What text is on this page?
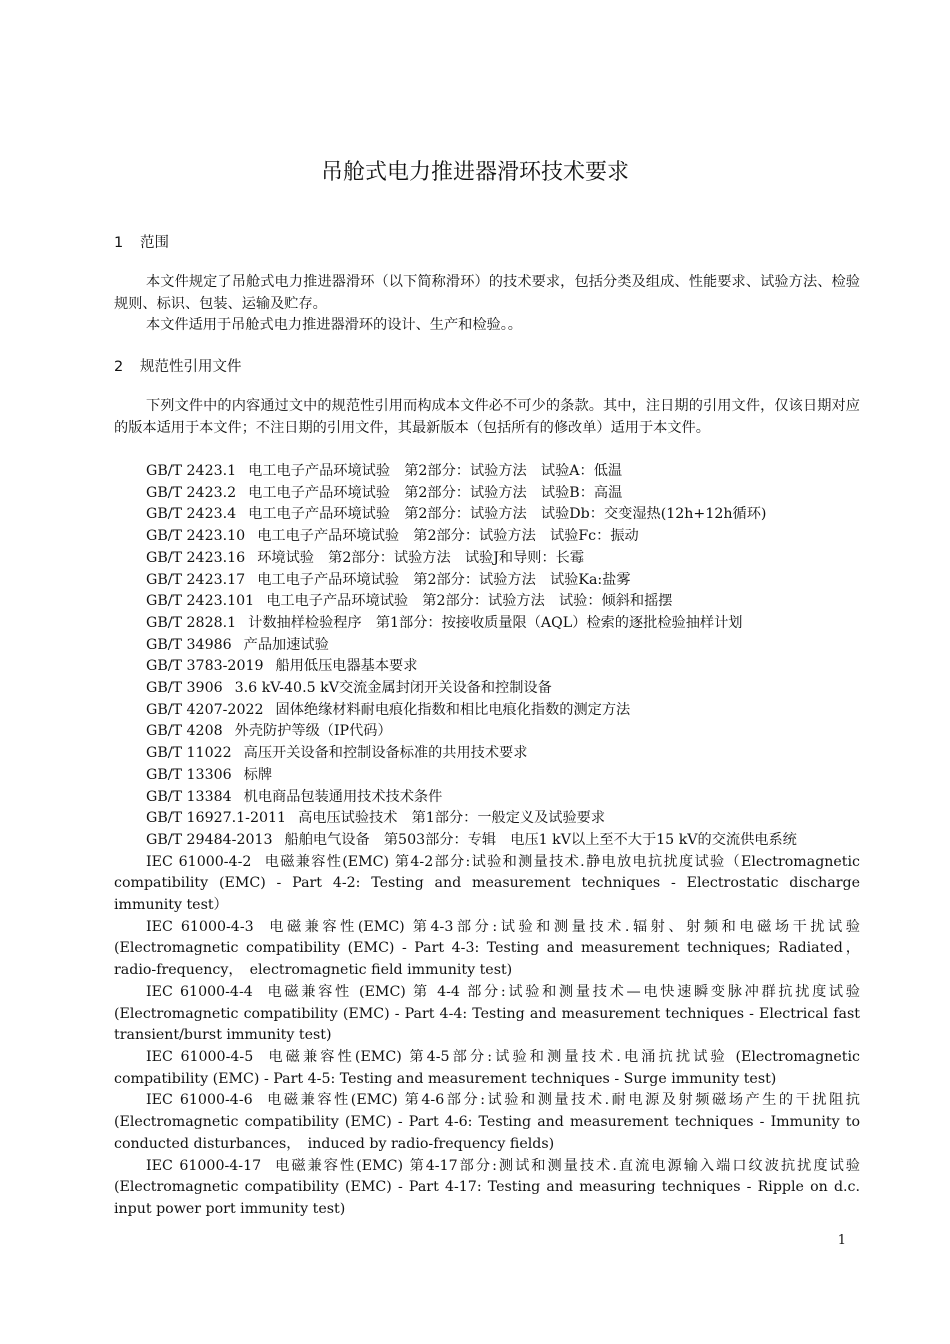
吊舱式电力推进器滑环技术要求
1 范围
本文件规定了吊舱式电力推进器滑环（以下简称滑环）的技术要求，包括分类及组成、性能要求、试验方法、检验规则、标识、包装、运输及贮存。
本文件适用于吊舱式电力推进器滑环的设计、生产和检验。。
2 规范性引用文件
下列文件中的内容通过文中的规范性引用而构成本文件必不可少的条款。其中，注日期的引用文件，仅该日期对应的版本适用于本文件；不注日期的引用文件，其最新版本（包括所有的修改单）适用于本文件。
GB/T 2423.1 电工电子产品环境试验　第2部分：试验方法　试验A：低温
GB/T 2423.2 电工电子产品环境试验　第2部分：试验方法　试验B：高温
GB/T 2423.4 电工电子产品环境试验　第2部分：试验方法　试验Db：交变湿热(12h+12h循环)
GB/T 2423.10 电工电子产品环境试验　第2部分：试验方法　试验Fc：振动
GB/T 2423.16 环境试验　第2部分：试验方法　试验J和导则：长霉
GB/T 2423.17 电工电子产品环境试验　第2部分：试验方法　试验Ka:盐雾
GB/T 2423.101 电工电子产品环境试验　第2部分：试验方法　试验：倾斜和摇摆
GB/T 2828.1 计数抽样检验程序　第1部分：按接收质量限（AQL）检索的逐批检验抽样计划
GB/T 34986 产品加速试验
GB/T 3783-2019 船用低压电器基本要求
GB/T 3906 3.6 kV-40.5 kV交流金属封闭开关设备和控制设备
GB/T 4207-2022 固体绝缘材料耐电痕化指数和相比电痕化指数的测定方法
GB/T 4208 外壳防护等级（IP代码）
GB/T 11022 高压开关设备和控制设备标准的共用技术要求
GB/T 13306 标牌
GB/T 13384 机电商品包装通用技术技术条件
GB/T 16927.1-2011 高电压试验技术　第1部分：一般定义及试验要求
GB/T 29484-2013 船舶电气设备　第503部分：专辑　电压1 kV以上至不大于15 kV的交流供电系统
IEC 61000-4-2 电磁兼容性(EMC) 第4-2部分:试验和测量技术.静电放电抗扰度试验（Electromagnetic compatibility (EMC) - Part 4-2: Testing and measurement techniques - Electrostatic discharge immunity test）
IEC 61000-4-3 电磁兼容性(EMC) 第4-3部分:试验和测量技术.辐射、射频和电磁场干扰试验(Electromagnetic compatibility (EMC) - Part 4-3: Testing and measurement techniques; Radiated，radio-frequency，　electromagnetic field immunity test)
IEC 61000-4-4 电磁兼容性 (EMC) 第 4-4 部分:试验和测量技术—电快速瞬变脉冲群抗扰度试验 (Electromagnetic compatibility (EMC) - Part 4-4: Testing and measurement techniques - Electrical fast transient/burst immunity test)
IEC 61000-4-5 电磁兼容性(EMC) 第4-5部分:试验和测量技术.电涌抗扰试验 (Electromagnetic compatibility (EMC) - Part 4-5: Testing and measurement techniques - Surge immunity test)
IEC 61000-4-6 电磁兼容性(EMC) 第4-6部分:试验和测量技术.耐电源及射频磁场产生的干扰阻抗(Electromagnetic compatibility (EMC) - Part 4-6: Testing and measurement techniques - Immunity to conducted disturbances，　induced by radio-frequency fields)
IEC 61000-4-17 电磁兼容性(EMC) 第4-17部分:测试和测量技术.直流电源输入端口纹波抗扰度试验 (Electromagnetic compatibility (EMC) - Part 4-17: Testing and measuring techniques - Ripple on d.c. input power port immunity test)
1
